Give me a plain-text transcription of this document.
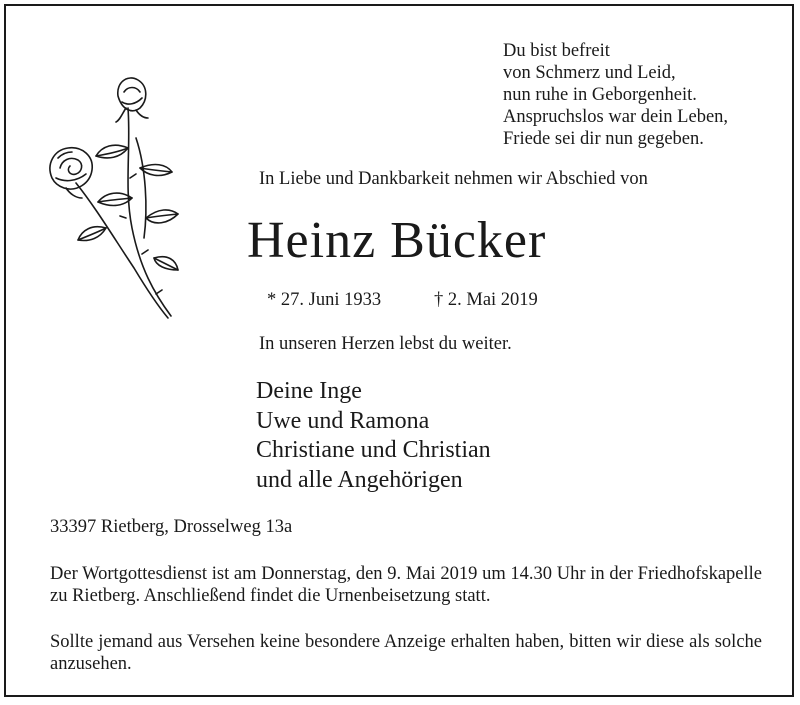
Du bist befreit
von Schmerz und Leid,
nun ruhe in Geborgenheit.
Anspruchslos war dein Leben,
Friede sei dir nun gegeben.
In Liebe und Dankbarkeit nehmen wir Abschied von
Heinz Bücker
* 27. Juni 1933	† 2. Mai 2019
In unseren Herzen lebst du weiter.
Deine Inge
Uwe und Ramona
Christiane und Christian
und alle Angehörigen
33397 Rietberg, Drosselweg 13a
Der Wortgottesdienst ist am Donnerstag, den 9. Mai 2019 um 14.30 Uhr in der Friedhofskapelle zu Rietberg. Anschließend findet die Urnenbeisetzung statt.
Sollte jemand aus Versehen keine besondere Anzeige erhalten haben, bitten wir diese als solche anzusehen.
